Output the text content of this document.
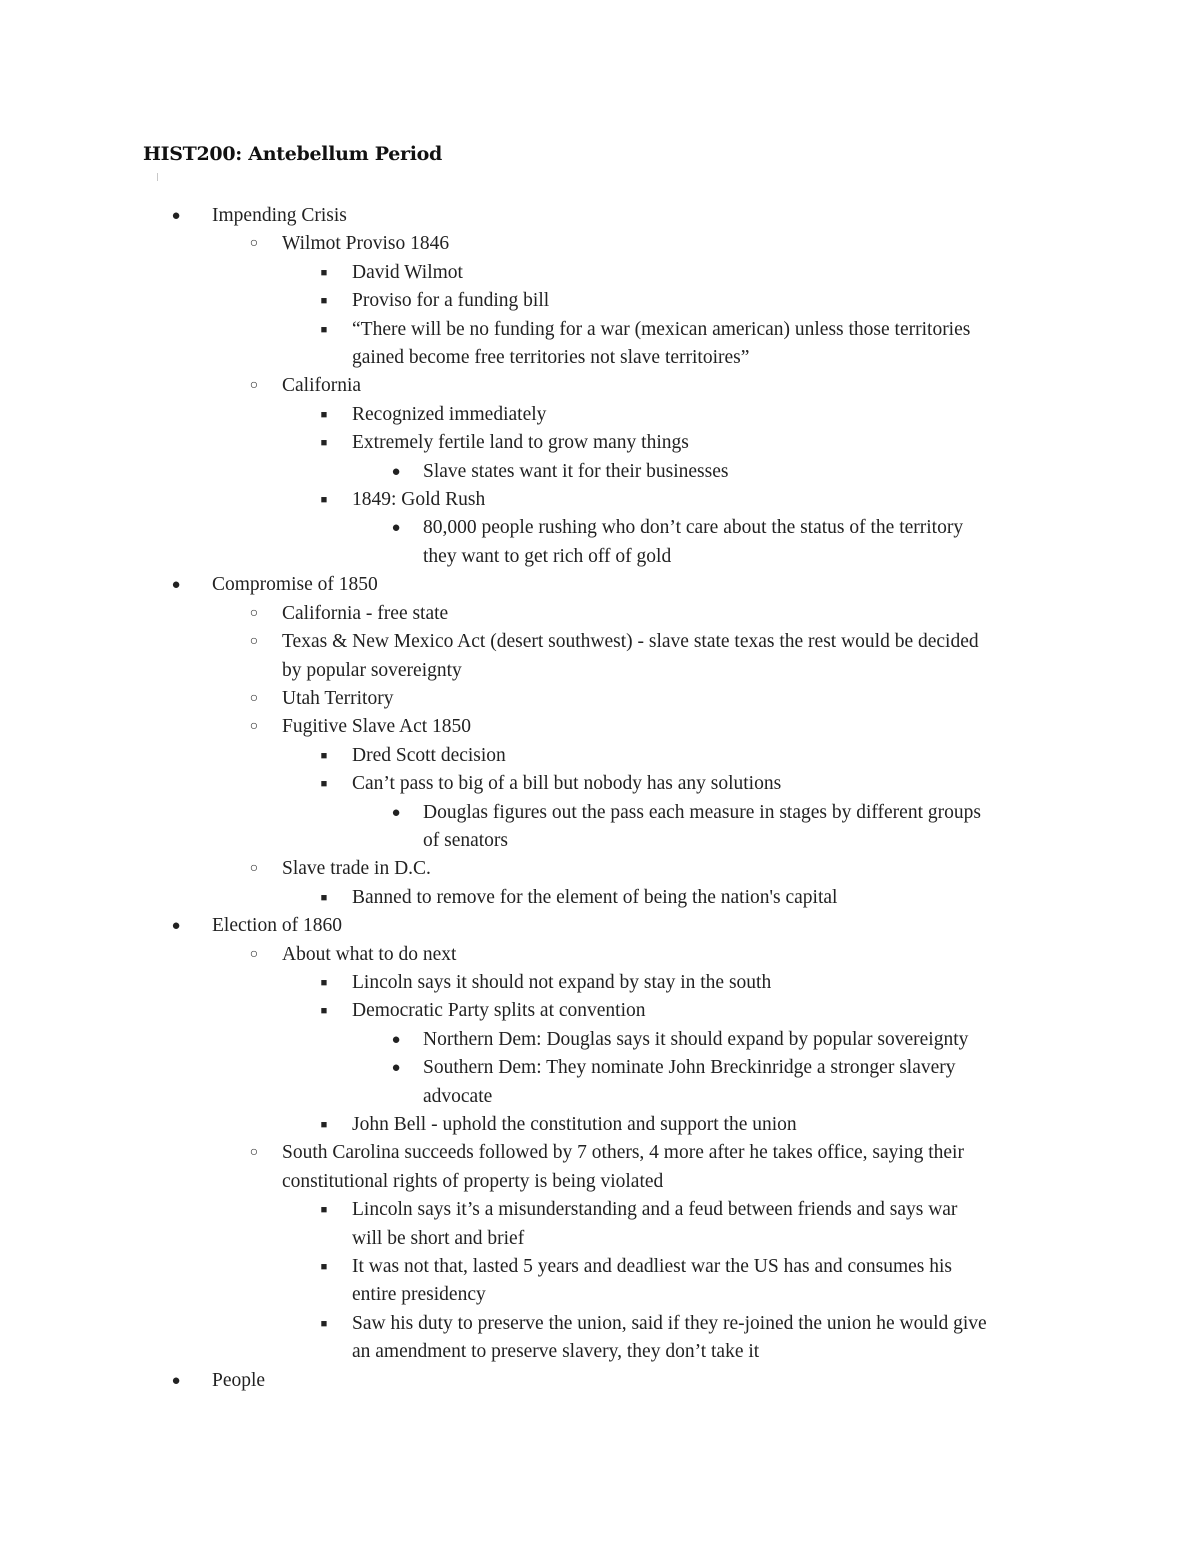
HIST200: Antebellum Period
●	Impending Crisis
○	Wilmot Proviso 1846
■	David Wilmot
■	Proviso for a funding bill
■	“There will be no funding for a war (mexican american) unless those territories
gained become free territories not slave territoires”
○	California
■	Recognized immediately
■	Extremely fertile land to grow many things
●	Slave states want it for their businesses
■	1849: Gold Rush
●	80,000 people rushing who don’t care about the status of the territory
they want to get rich off of gold
●	Compromise of 1850
○	California - free state
○	Texas & New Mexico Act (desert southwest) - slave state texas the rest would be decided
by popular sovereignty
○	Utah Territory
○	Fugitive Slave Act 1850
■	Dred Scott decision
■	Can’t pass to big of a bill but nobody has any solutions
●	Douglas figures out the pass each measure in stages by different groups
of senators
○	Slave trade in D.C.
■	Banned to remove for the element of being the nation's capital
●	Election of 1860
○	About what to do next
■	Lincoln says it should not expand by stay in the south
■	Democratic Party splits at convention
●	Northern Dem: Douglas says it should expand by popular sovereignty
●	Southern Dem: They nominate John Breckinridge a stronger slavery
advocate
■	John Bell - uphold the constitution and support the union
○	South Carolina succeeds followed by 7 others, 4 more after he takes office, saying their
constitutional rights of property is being violated
■	Lincoln says it’s a misunderstanding and a feud between friends and says war
will be short and brief
■	It was not that, lasted 5 years and deadliest war the US has and consumes his
entire presidency
■	Saw his duty to preserve the union, said if they re-joined the union he would give
an amendment to preserve slavery, they don’t take it
●	People
